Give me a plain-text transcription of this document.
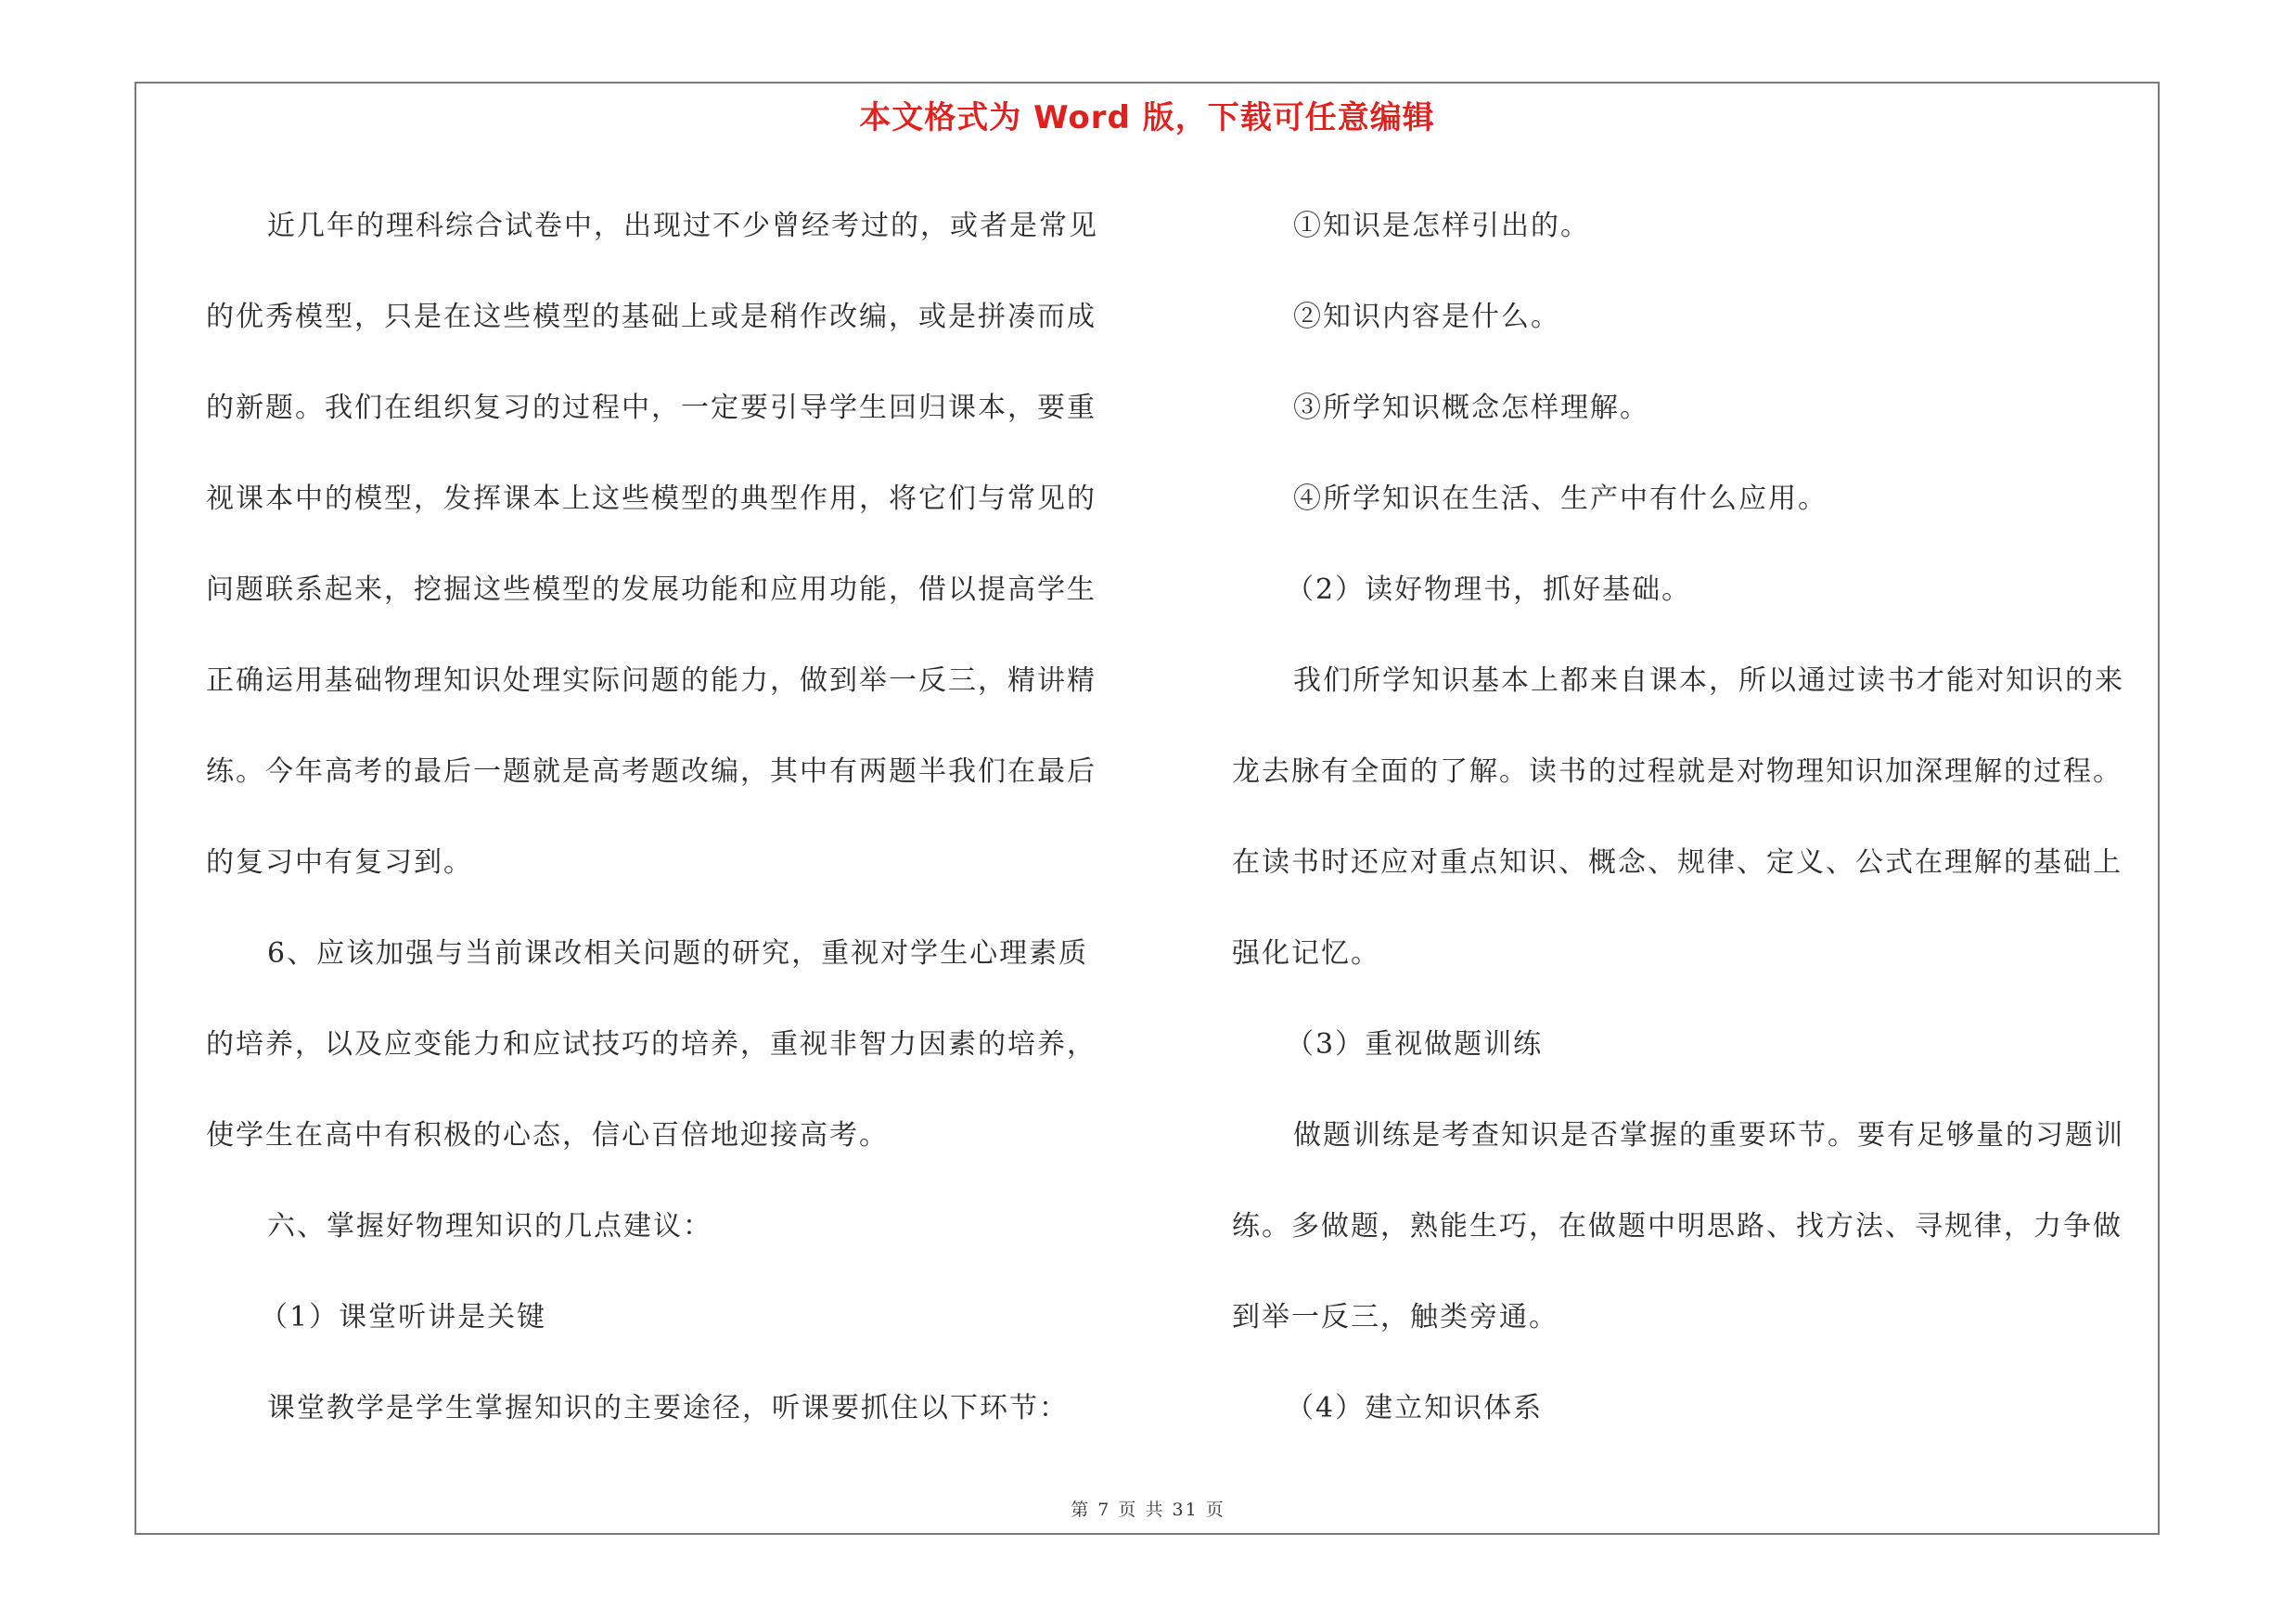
本文格式为 Word 版，下载可任意编辑
近几年的理科综合试卷中，出现过不少曾经考过的，或者是常见
的优秀模型，只是在这些模型的基础上或是稍作改编，或是拼凑而成
的新题。我们在组织复习的过程中，一定要引导学生回归课本，要重
视课本中的模型，发挥课本上这些模型的典型作用，将它们与常见的
问题联系起来，挖掘这些模型的发展功能和应用功能，借以提高学生
正确运用基础物理知识处理实际问题的能力，做到举一反三，精讲精
练。今年高考的最后一题就是高考题改编，其中有两题半我们在最后
的复习中有复习到。
6、应该加强与当前课改相关问题的研究，重视对学生心理素质
的培养，以及应变能力和应试技巧的培养，重视非智力因素的培养，
使学生在高中有积极的心态，信心百倍地迎接高考。
六、掌握好物理知识的几点建议：
（1）课堂听讲是关键
课堂教学是学生掌握知识的主要途径，听课要抓住以下环节：
①知识是怎样引出的。
②知识内容是什么。
③所学知识概念怎样理解。
④所学知识在生活、生产中有什么应用。
（2）读好物理书，抓好基础。
我们所学知识基本上都来自课本，所以通过读书才能对知识的来
龙去脉有全面的了解。读书的过程就是对物理知识加深理解的过程。
在读书时还应对重点知识、概念、规律、定义、公式在理解的基础上
强化记忆。
（3）重视做题训练
做题训练是考查知识是否掌握的重要环节。要有足够量的习题训
练。多做题，熟能生巧，在做题中明思路、找方法、寻规律，力争做
到举一反三，触类旁通。
（4）建立知识体系
第 7 页 共 31 页
